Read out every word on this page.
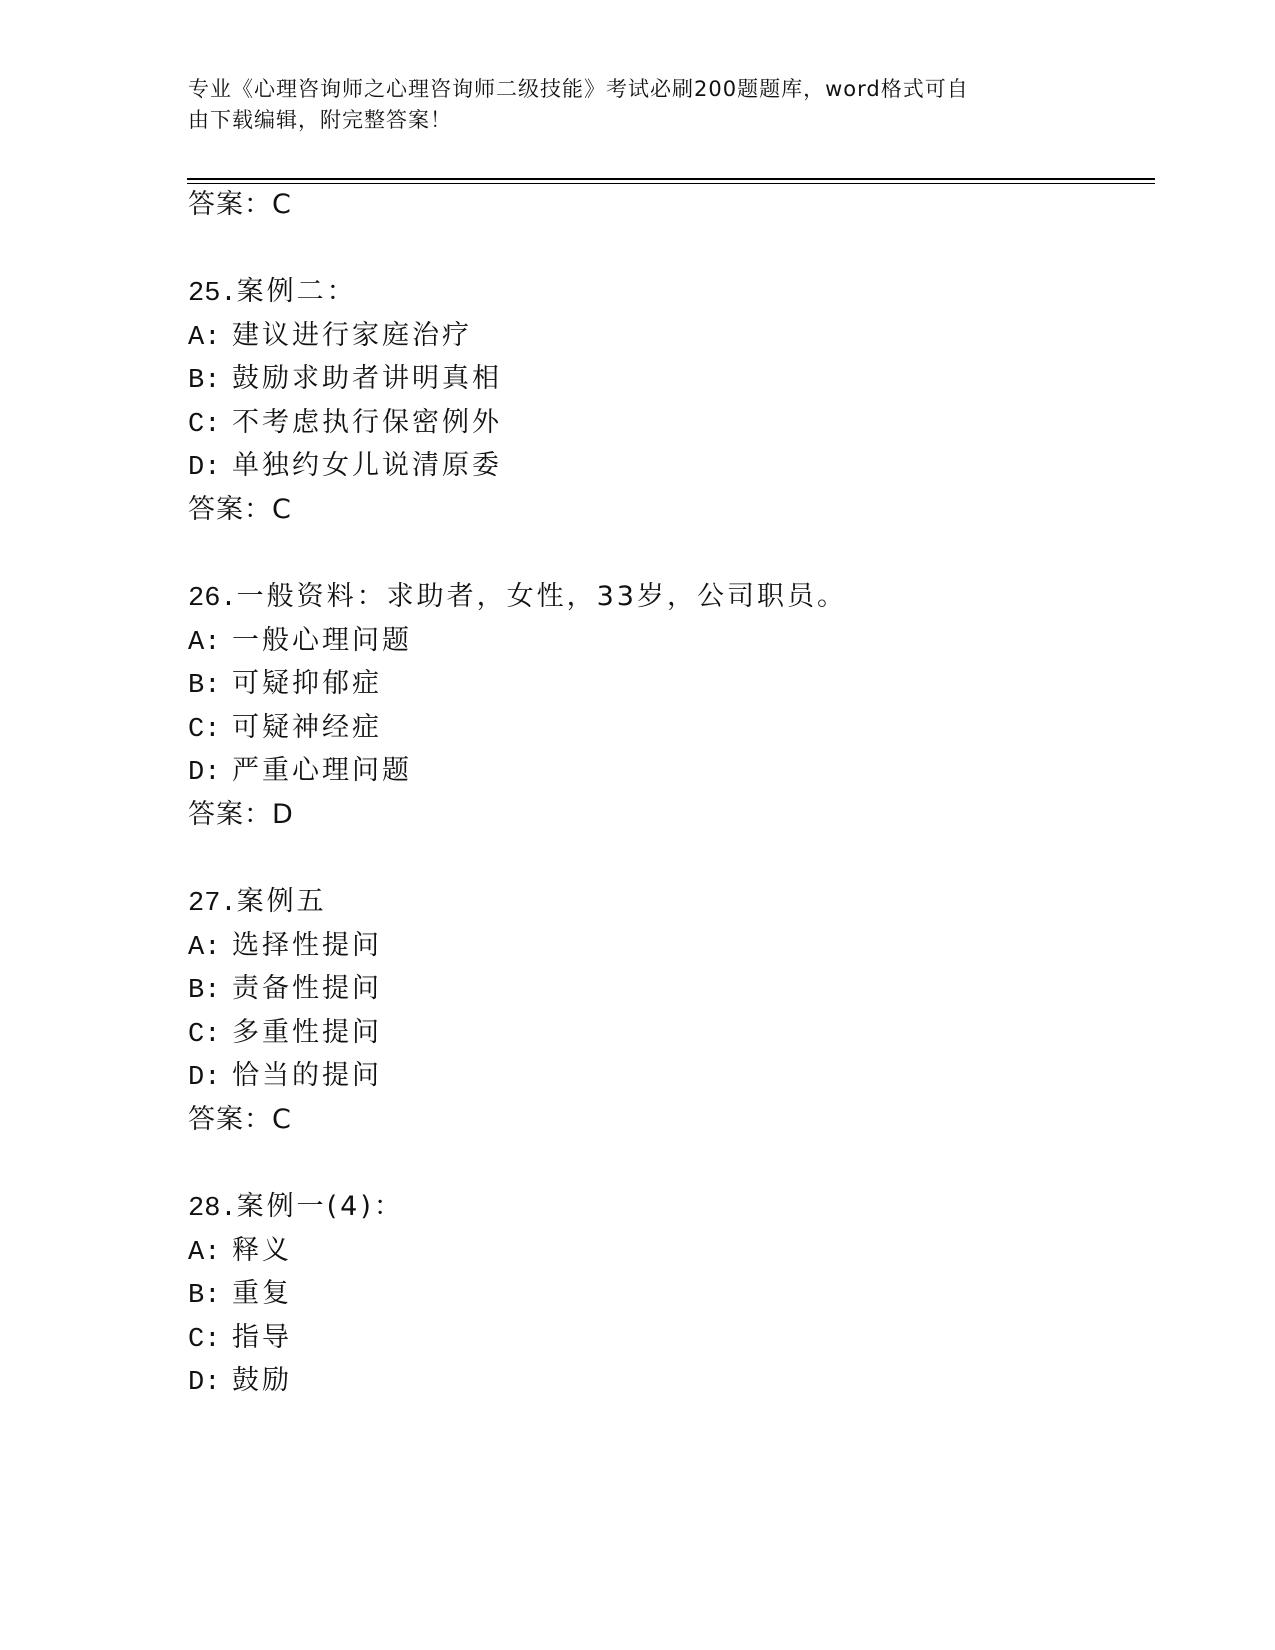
专业《心理咨询师之心理咨询师二级技能》考试必刷200题题库，word格式可自
由下载编辑，附完整答案！
答案：C
25.案例二：
A: 建议进行家庭治疗
B: 鼓励求助者讲明真相
C: 不考虑执行保密例外
D: 单独约女儿说清原委
答案：C
26.一般资料：求助者，女性，33岁，公司职员。
A: 一般心理问题
B: 可疑抑郁症
C: 可疑神经症
D: 严重心理问题
答案：D
27.案例五
A: 选择性提问
B: 责备性提问
C: 多重性提问
D: 恰当的提问
答案：C
28.案例一(4)：
A: 释义
B: 重复
C: 指导
D: 鼓励
